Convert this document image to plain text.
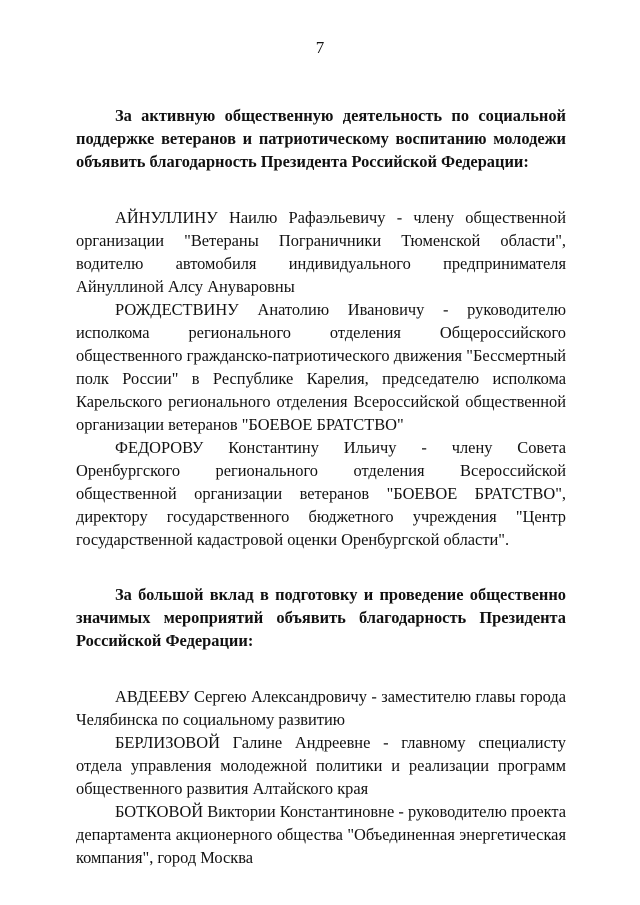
7

За активную общественную деятельность по социальной поддержке ветеранов и патриотическому воспитанию молодежи объявить благодарность Президента Российской Федерации:

АЙНУЛЛИНУ Наилю Рафаэльевичу - члену общественной организации "Ветераны Пограничники Тюменской области", водителю автомобиля индивидуального предпринимателя Айнуллиной Алсу Ануваровны

РОЖДЕСТВИНУ Анатолию Ивановичу - руководителю исполкома регионального отделения Общероссийского общественного гражданско-патриотического движения "Бессмертный полк России" в Республике Карелия, председателю исполкома Карельского регионального отделения Всероссийской общественной организации ветеранов "БОЕВОЕ БРАТСТВО"

ФЕДОРОВУ Константину Ильичу - члену Совета Оренбургского регионального отделения Всероссийской общественной организации ветеранов "БОЕВОЕ БРАТСТВО", директору государственного бюджетного учреждения "Центр государственной кадастровой оценки Оренбургской области".

За большой вклад в подготовку и проведение общественно значимых мероприятий объявить благодарность Президента Российской Федерации:

АВДЕЕВУ Сергею Александровичу - заместителю главы города Челябинска по социальному развитию

БЕРЛИЗОВОЙ Галине Андреевне - главному специалисту отдела управления молодежной политики и реализации программ общественного развития Алтайского края

БОТКОВОЙ Виктории Константиновне - руководителю проекта департамента акционерного общества "Объединенная энергетическая компания", город Москва
